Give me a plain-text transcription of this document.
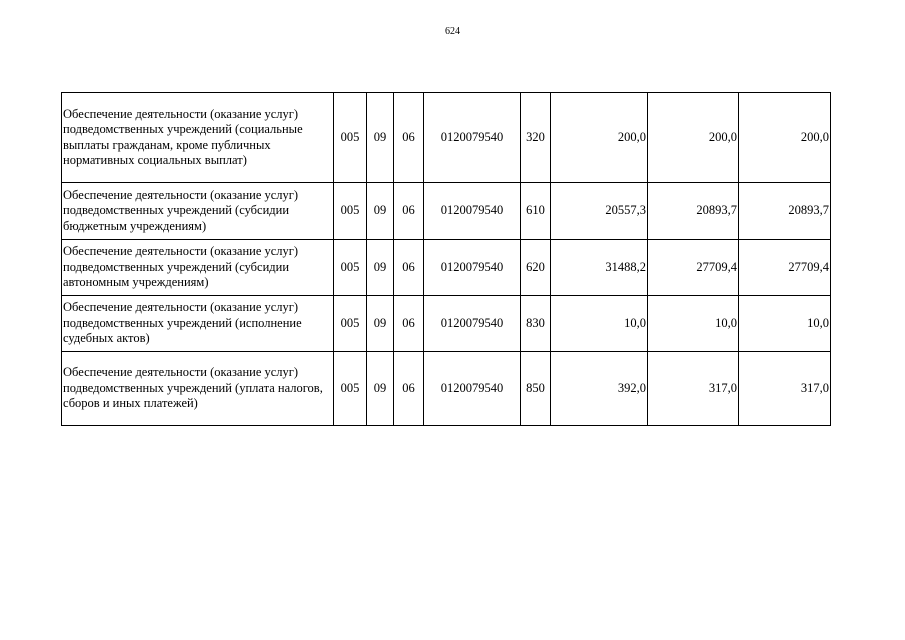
624
Обеспечение деятельности (оказание услуг) подведомственных учреждений (социальные выплаты гражданам, кроме публичных нормативных социальных выплат)	005	09	06	0120079540	320	200,0	200,0	200,0
Обеспечение деятельности (оказание услуг) подведомственных учреждений (субсидии бюджетным учреждениям)	005	09	06	0120079540	610	20557,3	20893,7	20893,7
Обеспечение деятельности (оказание услуг) подведомственных учреждений (субсидии автономным учреждениям)	005	09	06	0120079540	620	31488,2	27709,4	27709,4
Обеспечение деятельности (оказание услуг) подведомственных учреждений (исполнение судебных актов)	005	09	06	0120079540	830	10,0	10,0	10,0
Обеспечение деятельности (оказание услуг) подведомственных учреждений (уплата налогов, сборов и иных платежей)	005	09	06	0120079540	850	392,0	317,0	317,0
